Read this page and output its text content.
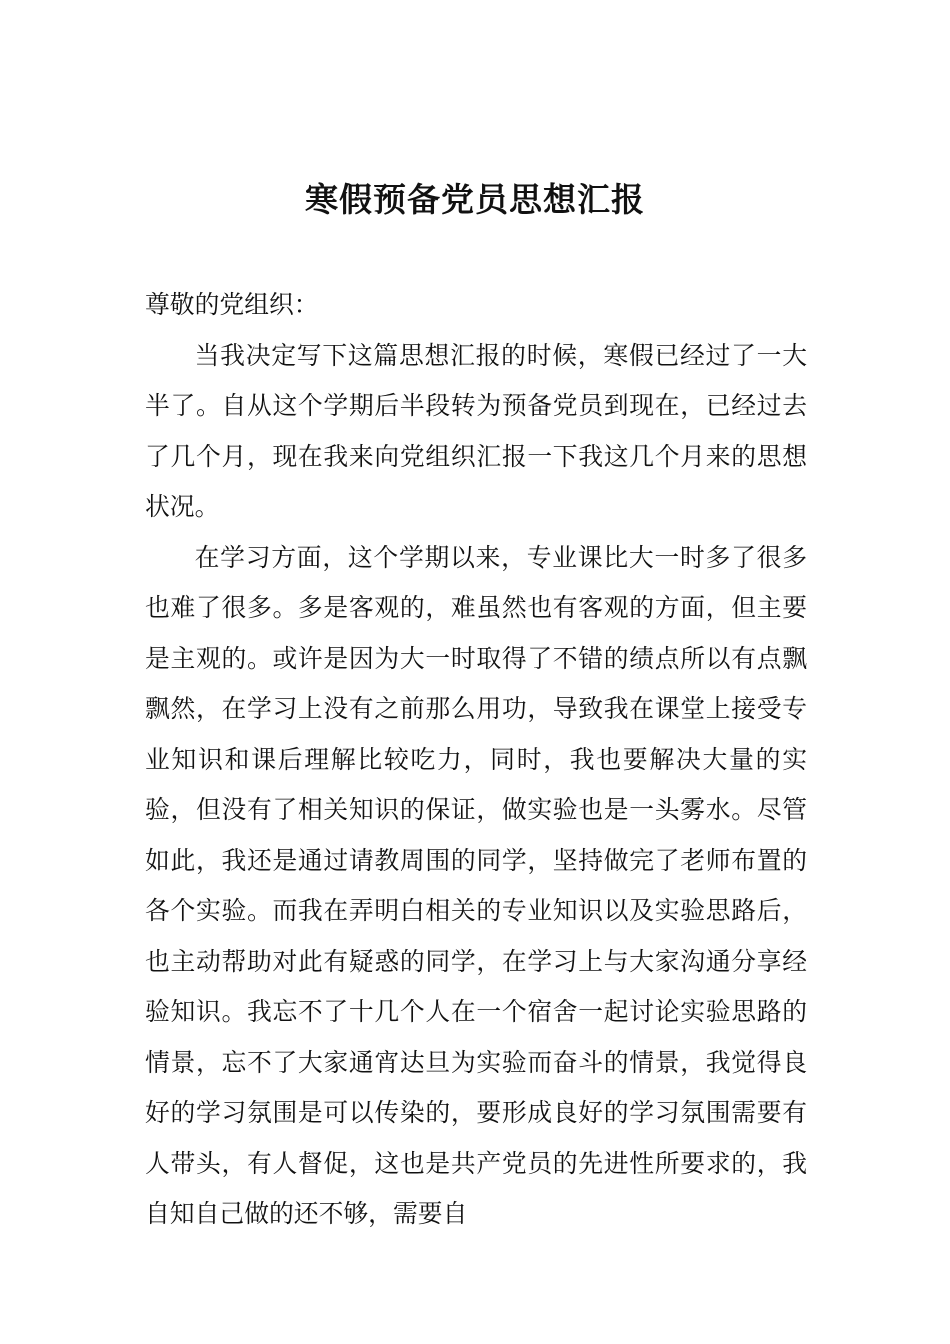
寒假预备党员思想汇报

尊敬的党组织：

当我决定写下这篇思想汇报的时候，寒假已经过了一大半了。自从这个学期后半段转为预备党员到现在，已经过去了几个月，现在我来向党组织汇报一下我这几个月来的思想状况。

在学习方面，这个学期以来，专业课比大一时多了很多也难了很多。多是客观的，难虽然也有客观的方面，但主要是主观的。或许是因为大一时取得了不错的绩点所以有点飘飘然，在学习上没有之前那么用功，导致我在课堂上接受专业知识和课后理解比较吃力，同时，我也要解决大量的实验，但没有了相关知识的保证，做实验也是一头雾水。尽管如此，我还是通过请教周围的同学，坚持做完了老师布置的各个实验。而我在弄明白相关的专业知识以及实验思路后，也主动帮助对此有疑惑的同学，在学习上与大家沟通分享经验知识。我忘不了十几个人在一个宿舍一起讨论实验思路的情景，忘不了大家通宵达旦为实验而奋斗的情景，我觉得良好的学习氛围是可以传染的，要形成良好的学习氛围需要有人带头，有人督促，这也是共产党员的先进性所要求的，我自知自己做的还不够，需要自
